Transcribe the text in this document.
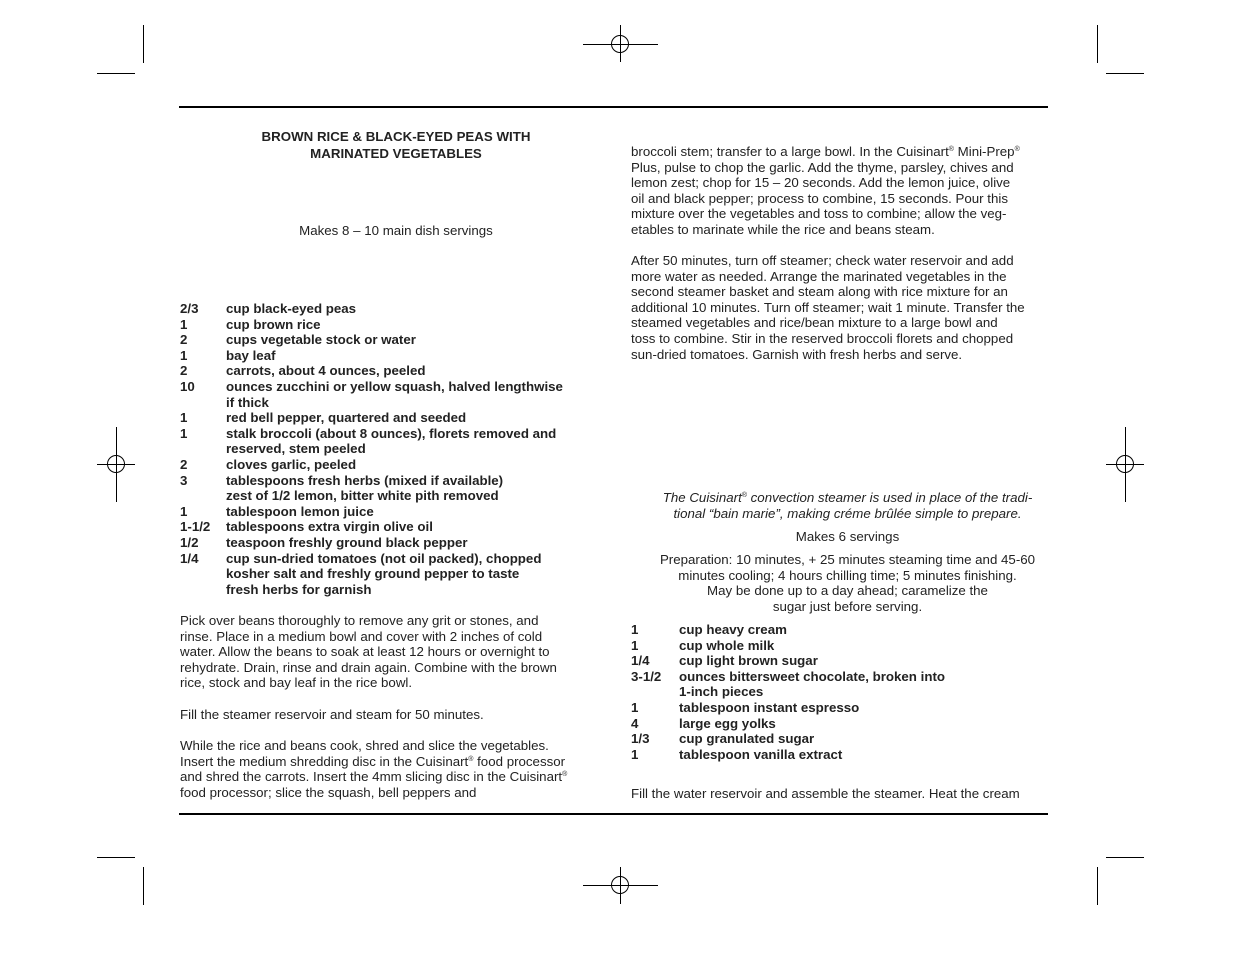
BROWN RICE & BLACK-EYED PEAS WITH
MARINATED VEGETABLES
Makes 8 – 10 main dish servings
2/3	cup black-eyed peas
1	cup brown rice
2	cups vegetable stock or water
1	bay leaf
2	carrots, about 4 ounces, peeled
10	ounces zucchini or yellow squash, halved lengthwise
if thick
1	red bell pepper, quartered and seeded
1	stalk broccoli (about 8 ounces), florets removed and
reserved, stem peeled
2	cloves garlic, peeled
3	tablespoons fresh herbs (mixed if available)
zest of 1/2 lemon, bitter white pith removed
1	tablespoon lemon juice
1-1/2	tablespoons extra virgin olive oil
1/2	teaspoon freshly ground black pepper
1/4	cup sun-dried tomatoes (not oil packed), chopped
kosher salt and freshly ground pepper to taste
fresh herbs for garnish
Pick over beans thoroughly to remove any grit or stones, and
rinse. Place in a medium bowl and cover with 2 inches of cold
water. Allow the beans to soak at least 12 hours or overnight to
rehydrate. Drain, rinse and drain again. Combine with the brown
rice, stock and bay leaf in the rice bowl.
Fill the steamer reservoir and steam for 50 minutes.
While the rice and beans cook, shred and slice the vegetables.
Insert the medium shredding disc in the Cuisinart® food processor
and shred the carrots. Insert the 4mm slicing disc in the Cuisinart®
food processor; slice the squash, bell peppers and
broccoli stem; transfer to a large bowl. In the Cuisinart® Mini-Prep®
Plus, pulse to chop the garlic. Add the thyme, parsley, chives and
lemon zest; chop for 15 – 20 seconds. Add the lemon juice, olive
oil and black pepper; process to combine, 15 seconds. Pour this
mixture over the vegetables and toss to combine; allow the veg-
etables to marinate while the rice and beans steam.
After 50 minutes, turn off steamer; check water reservoir and add
more water as needed. Arrange the marinated vegetables in the
second steamer basket and steam along with rice mixture for an
additional 10 minutes. Turn off steamer; wait 1 minute. Transfer the
steamed vegetables and rice/bean mixture to a large bowl and
toss to combine. Stir in the reserved broccoli florets and chopped
sun-dried tomatoes. Garnish with fresh herbs and serve.
The Cuisinart® convection steamer is used in place of the tradi-
tional “bain marie”, making créme brûlée simple to prepare.
Makes 6 servings
Preparation: 10 minutes, + 25 minutes steaming time and 45-60
minutes cooling; 4 hours chilling time; 5 minutes finishing.
May be done up to a day ahead; caramelize the
sugar just before serving.
1	cup heavy cream
1	cup whole milk
1/4	cup light brown sugar
3-1/2	ounces bittersweet chocolate, broken into
1-inch pieces
1	tablespoon instant espresso
4	large egg yolks
1/3	cup granulated sugar
1	tablespoon vanilla extract
Fill the water reservoir and assemble the steamer. Heat the cream
